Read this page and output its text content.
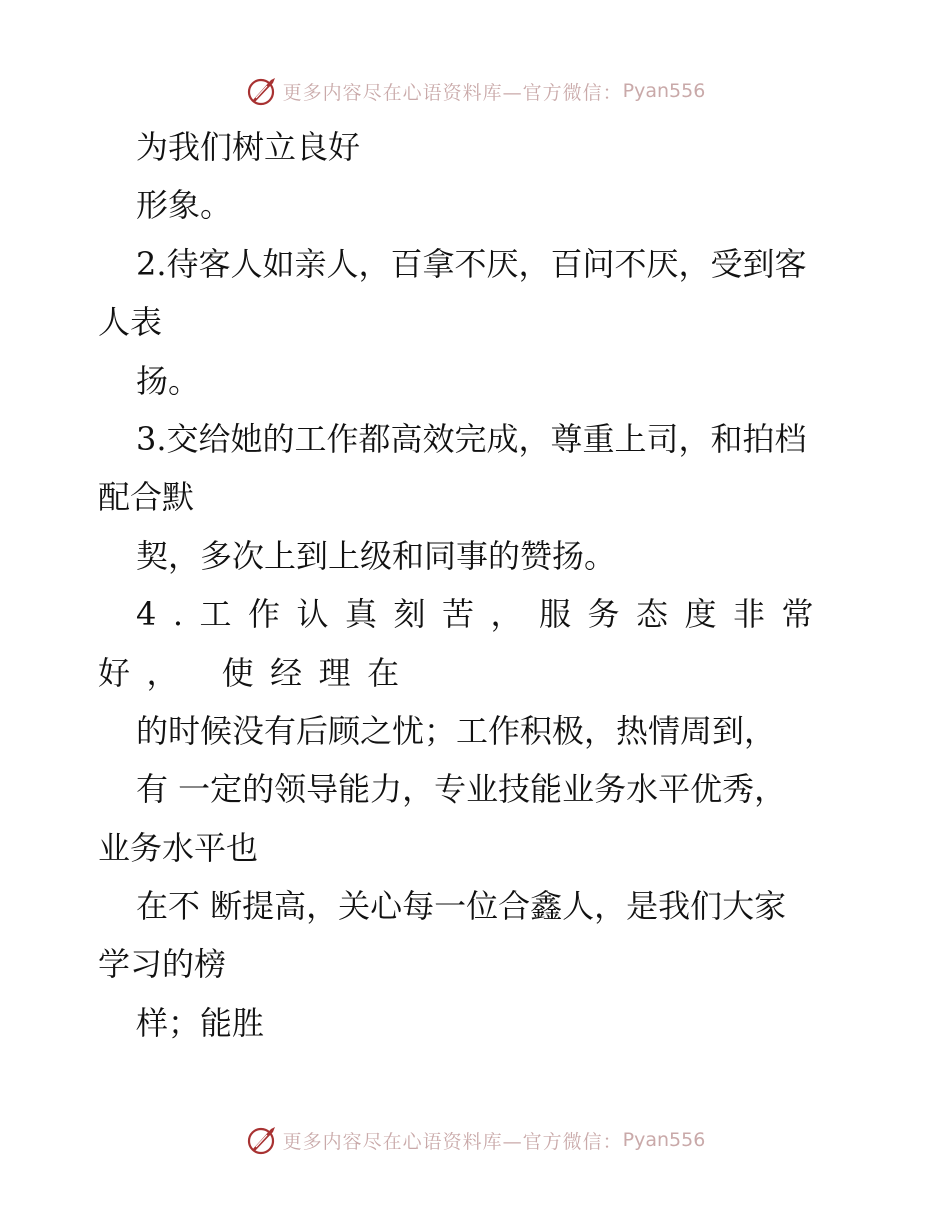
更多内容尽在心语资料库—官方微信： Pyan556
为我们树立良好
形象。
2.待客人如亲人，百拿不厌，百问不厌，受到客
人表
扬。
3.交给她的工作都高效完成，尊重上司，和拍档
配合默
契，多次上到上级和同事的赞扬。
4.工作认真刻苦，服务态度非常
好， 使经理在
的时候没有后顾之忧；工作积极，热情周到，
有 一定的领导能力，专业技能业务水平优秀，
业务水平也
在不 断提高，关心每一位合鑫人，是我们大家
学习的榜
样；能胜
更多内容尽在心语资料库—官方微信： Pyan556
